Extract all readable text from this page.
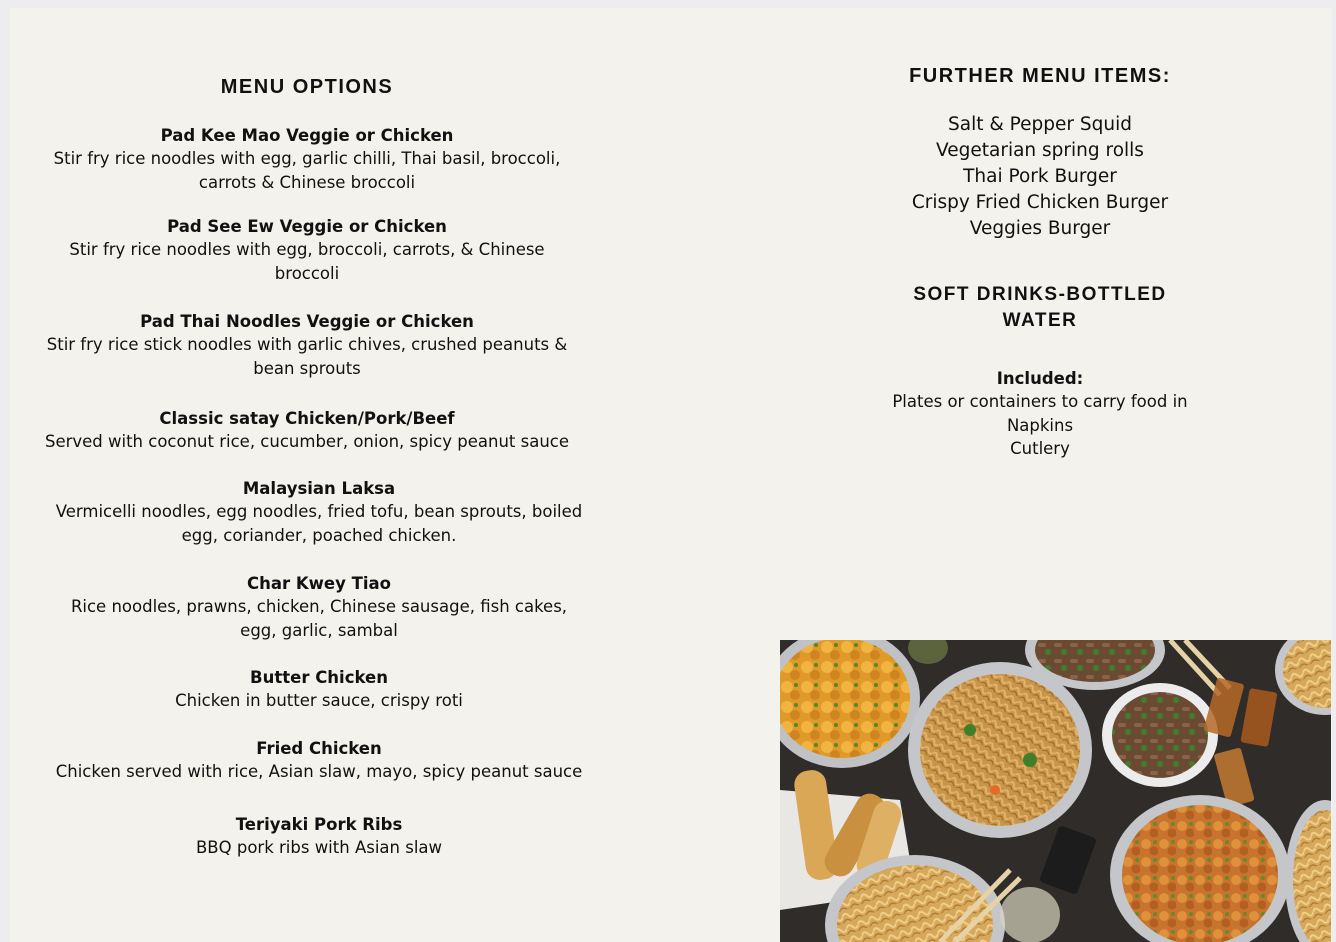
MENU OPTIONS
Pad Kee Mao Veggie or Chicken
Stir fry rice noodles with egg, garlic chilli, Thai basil, broccoli, carrots & Chinese broccoli
Pad See Ew Veggie or Chicken
Stir fry rice noodles with egg, broccoli, carrots, & Chinese broccoli
Pad Thai Noodles Veggie or Chicken
Stir fry rice stick noodles with garlic chives, crushed peanuts & bean sprouts
Classic satay Chicken/Pork/Beef
Served with coconut rice, cucumber, onion, spicy peanut sauce
Malaysian Laksa
Vermicelli noodles, egg noodles, fried tofu, bean sprouts, boiled egg, coriander, poached chicken.
Char Kwey Tiao
Rice noodles, prawns, chicken, Chinese sausage, fish cakes, egg, garlic, sambal
Butter Chicken
Chicken in butter sauce, crispy roti
Fried Chicken
Chicken served with rice, Asian slaw, mayo, spicy peanut sauce
Teriyaki Pork Ribs
BBQ pork ribs with Asian slaw
FURTHER MENU ITEMS:
Salt & Pepper Squid
Vegetarian spring rolls
Thai Pork Burger
Crispy Fried Chicken Burger
Veggies Burger
SOFT DRINKS-BOTTLED
WATER
Included:
Plates or containers to carry food in
Napkins
Cutlery
